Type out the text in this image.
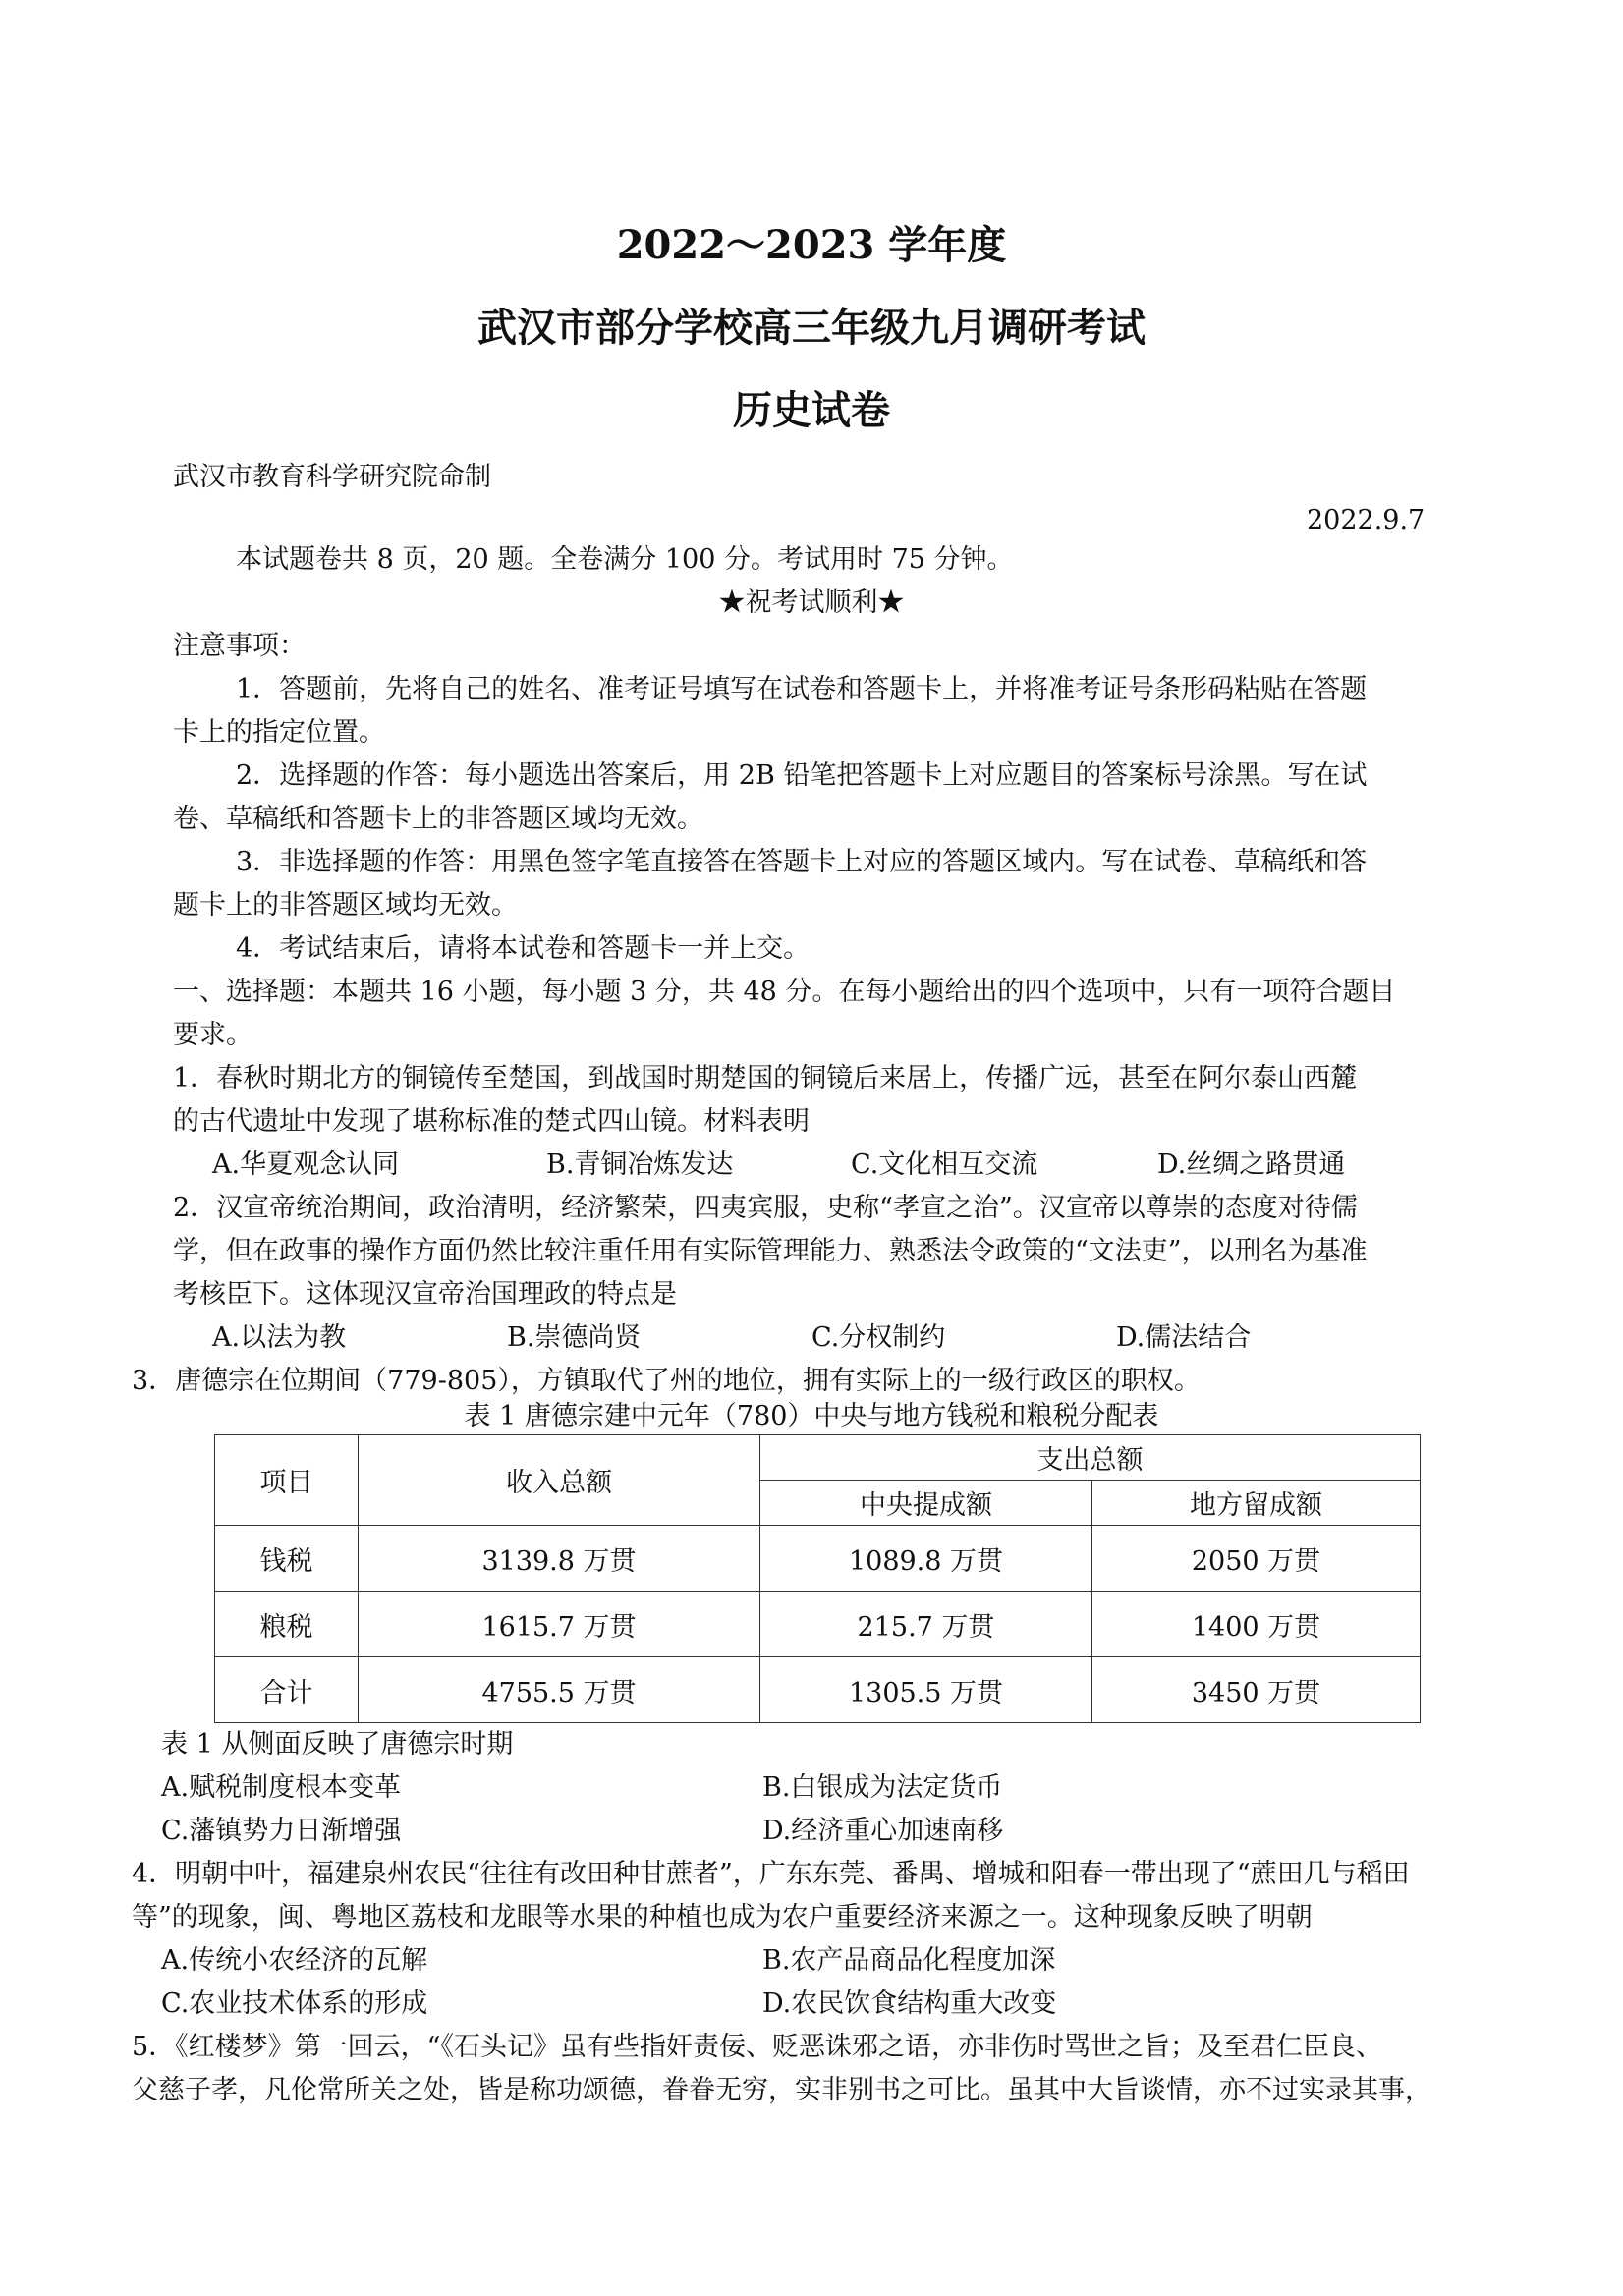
2022～2023 学年度
武汉市部分学校高三年级九月调研考试
历史试卷
武汉市教育科学研究院命制
2022.9.7
本试题卷共 8 页，20 题。全卷满分 100 分。考试用时 75 分钟。
★祝考试顺利★
注意事项：
1．答题前，先将自己的姓名、准考证号填写在试卷和答题卡上，并将准考证号条形码粘贴在答题
卡上的指定位置。
2．选择题的作答：每小题选出答案后，用 2B 铅笔把答题卡上对应题目的答案标号涂黑。写在试
卷、草稿纸和答题卡上的非答题区域均无效。
3．非选择题的作答：用黑色签字笔直接答在答题卡上对应的答题区域内。写在试卷、草稿纸和答
题卡上的非答题区域均无效。
4．考试结束后，请将本试卷和答题卡一并上交。
一、选择题：本题共 16 小题，每小题 3 分，共 48 分。在每小题给出的四个选项中，只有一项符合题目
要求。
1．春秋时期北方的铜镜传至楚国，到战国时期楚国的铜镜后来居上，传播广远，甚至在阿尔泰山西麓
的古代遗址中发现了堪称标准的楚式四山镜。材料表明
A.华夏观念认同	B.青铜冶炼发达	C.文化相互交流	D.丝绸之路贯通
2．汉宣帝统治期间，政治清明，经济繁荣，四夷宾服，史称“孝宣之治”。汉宣帝以尊崇的态度对待儒
学，但在政事的操作方面仍然比较注重任用有实际管理能力、熟悉法令政策的“文法吏”，以刑名为基准
考核臣下。这体现汉宣帝治国理政的特点是
A.以法为教	B.崇德尚贤	C.分权制约	D.儒法结合
3．唐德宗在位期间（779-805），方镇取代了州的地位，拥有实际上的一级行政区的职权。
表 1 唐德宗建中元年（780）中央与地方钱税和粮税分配表
项目	收入总额	支出总额	
		中央提成额	地方留成额
钱税	3139.8 万贯	1089.8 万贯	2050 万贯
粮税	1615.7 万贯	215.7 万贯	1400 万贯
合计	4755.5 万贯	1305.5 万贯	3450 万贯
表 1 从侧面反映了唐德宗时期
A.赋税制度根本变革	B.白银成为法定货币
C.藩镇势力日渐增强	D.经济重心加速南移
4．明朝中叶，福建泉州农民“往往有改田种甘蔗者”，广东东莞、番禺、增城和阳春一带出现了“蔗田几与稻田
等”的现象，闽、粤地区荔枝和龙眼等水果的种植也成为农户重要经济来源之一。这种现象反映了明朝
A.传统小农经济的瓦解	B.农产品商品化程度加深
C.农业技术体系的形成	D.农民饮食结构重大改变
5．《红楼梦》第一回云，“《石头记》虽有些指奸责佞、贬恶诛邪之语，亦非伤时骂世之旨；及至君仁臣良、
父慈子孝，凡伦常所关之处，皆是称功颂德，眷眷无穷，实非别书之可比。虽其中大旨谈情，亦不过实录其事，
